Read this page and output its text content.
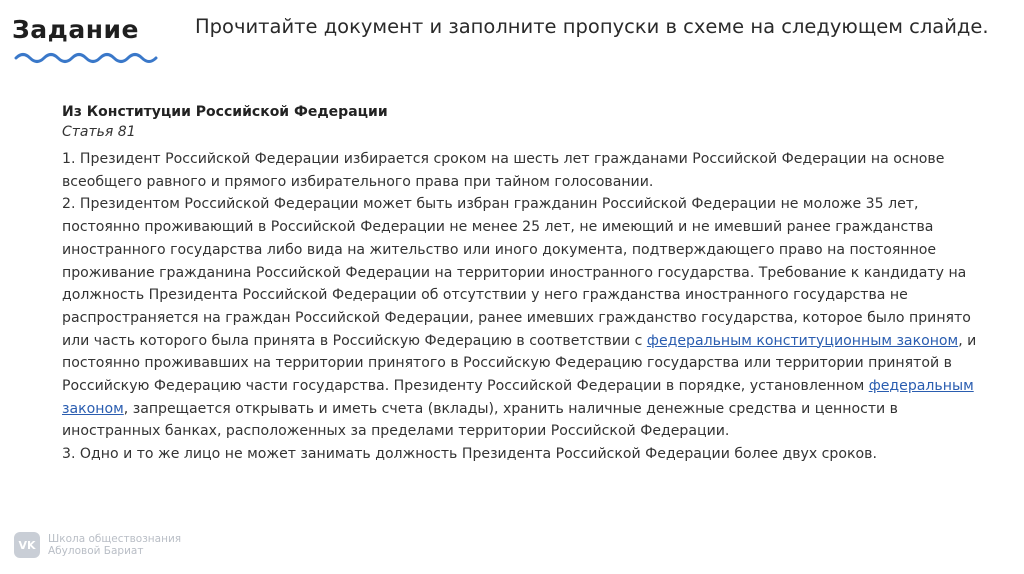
Задание	Прочитайте документ и заполните пропуски в схеме на следующем слайде.
Из Конституции Российской Федерации
Статья 81
1. Президент Российской Федерации избирается сроком на шесть лет гражданами Российской Федерации на основе всеобщего равного и прямого избирательного права при тайном голосовании.
2. Президентом Российской Федерации может быть избран гражданин Российской Федерации не моложе 35 лет, постоянно проживающий в Российской Федерации не менее 25 лет, не имеющий и не имевший ранее гражданства иностранного государства либо вида на жительство или иного документа, подтверждающего право на постоянное проживание гражданина Российской Федерации на территории иностранного государства. Требование к кандидату на должность Президента Российской Федерации об отсутствии у него гражданства иностранного государства не распространяется на граждан Российской Федерации, ранее имевших гражданство государства, которое было принято или часть которого была принята в Российскую Федерацию в соответствии с федеральным конституционным законом, и постоянно проживавших на территории принятого в Российскую Федерацию государства или территории принятой в Российскую Федерацию части государства. Президенту Российской Федерации в порядке, установленном федеральным законом, запрещается открывать и иметь счета (вклады), хранить наличные денежные средства и ценности в иностранных банках, расположенных за пределами территории Российской Федерации.
3. Одно и то же лицо не может занимать должность Президента Российской Федерации более двух сроков.
VK	Школа обществознания
Абуловой Бариат
